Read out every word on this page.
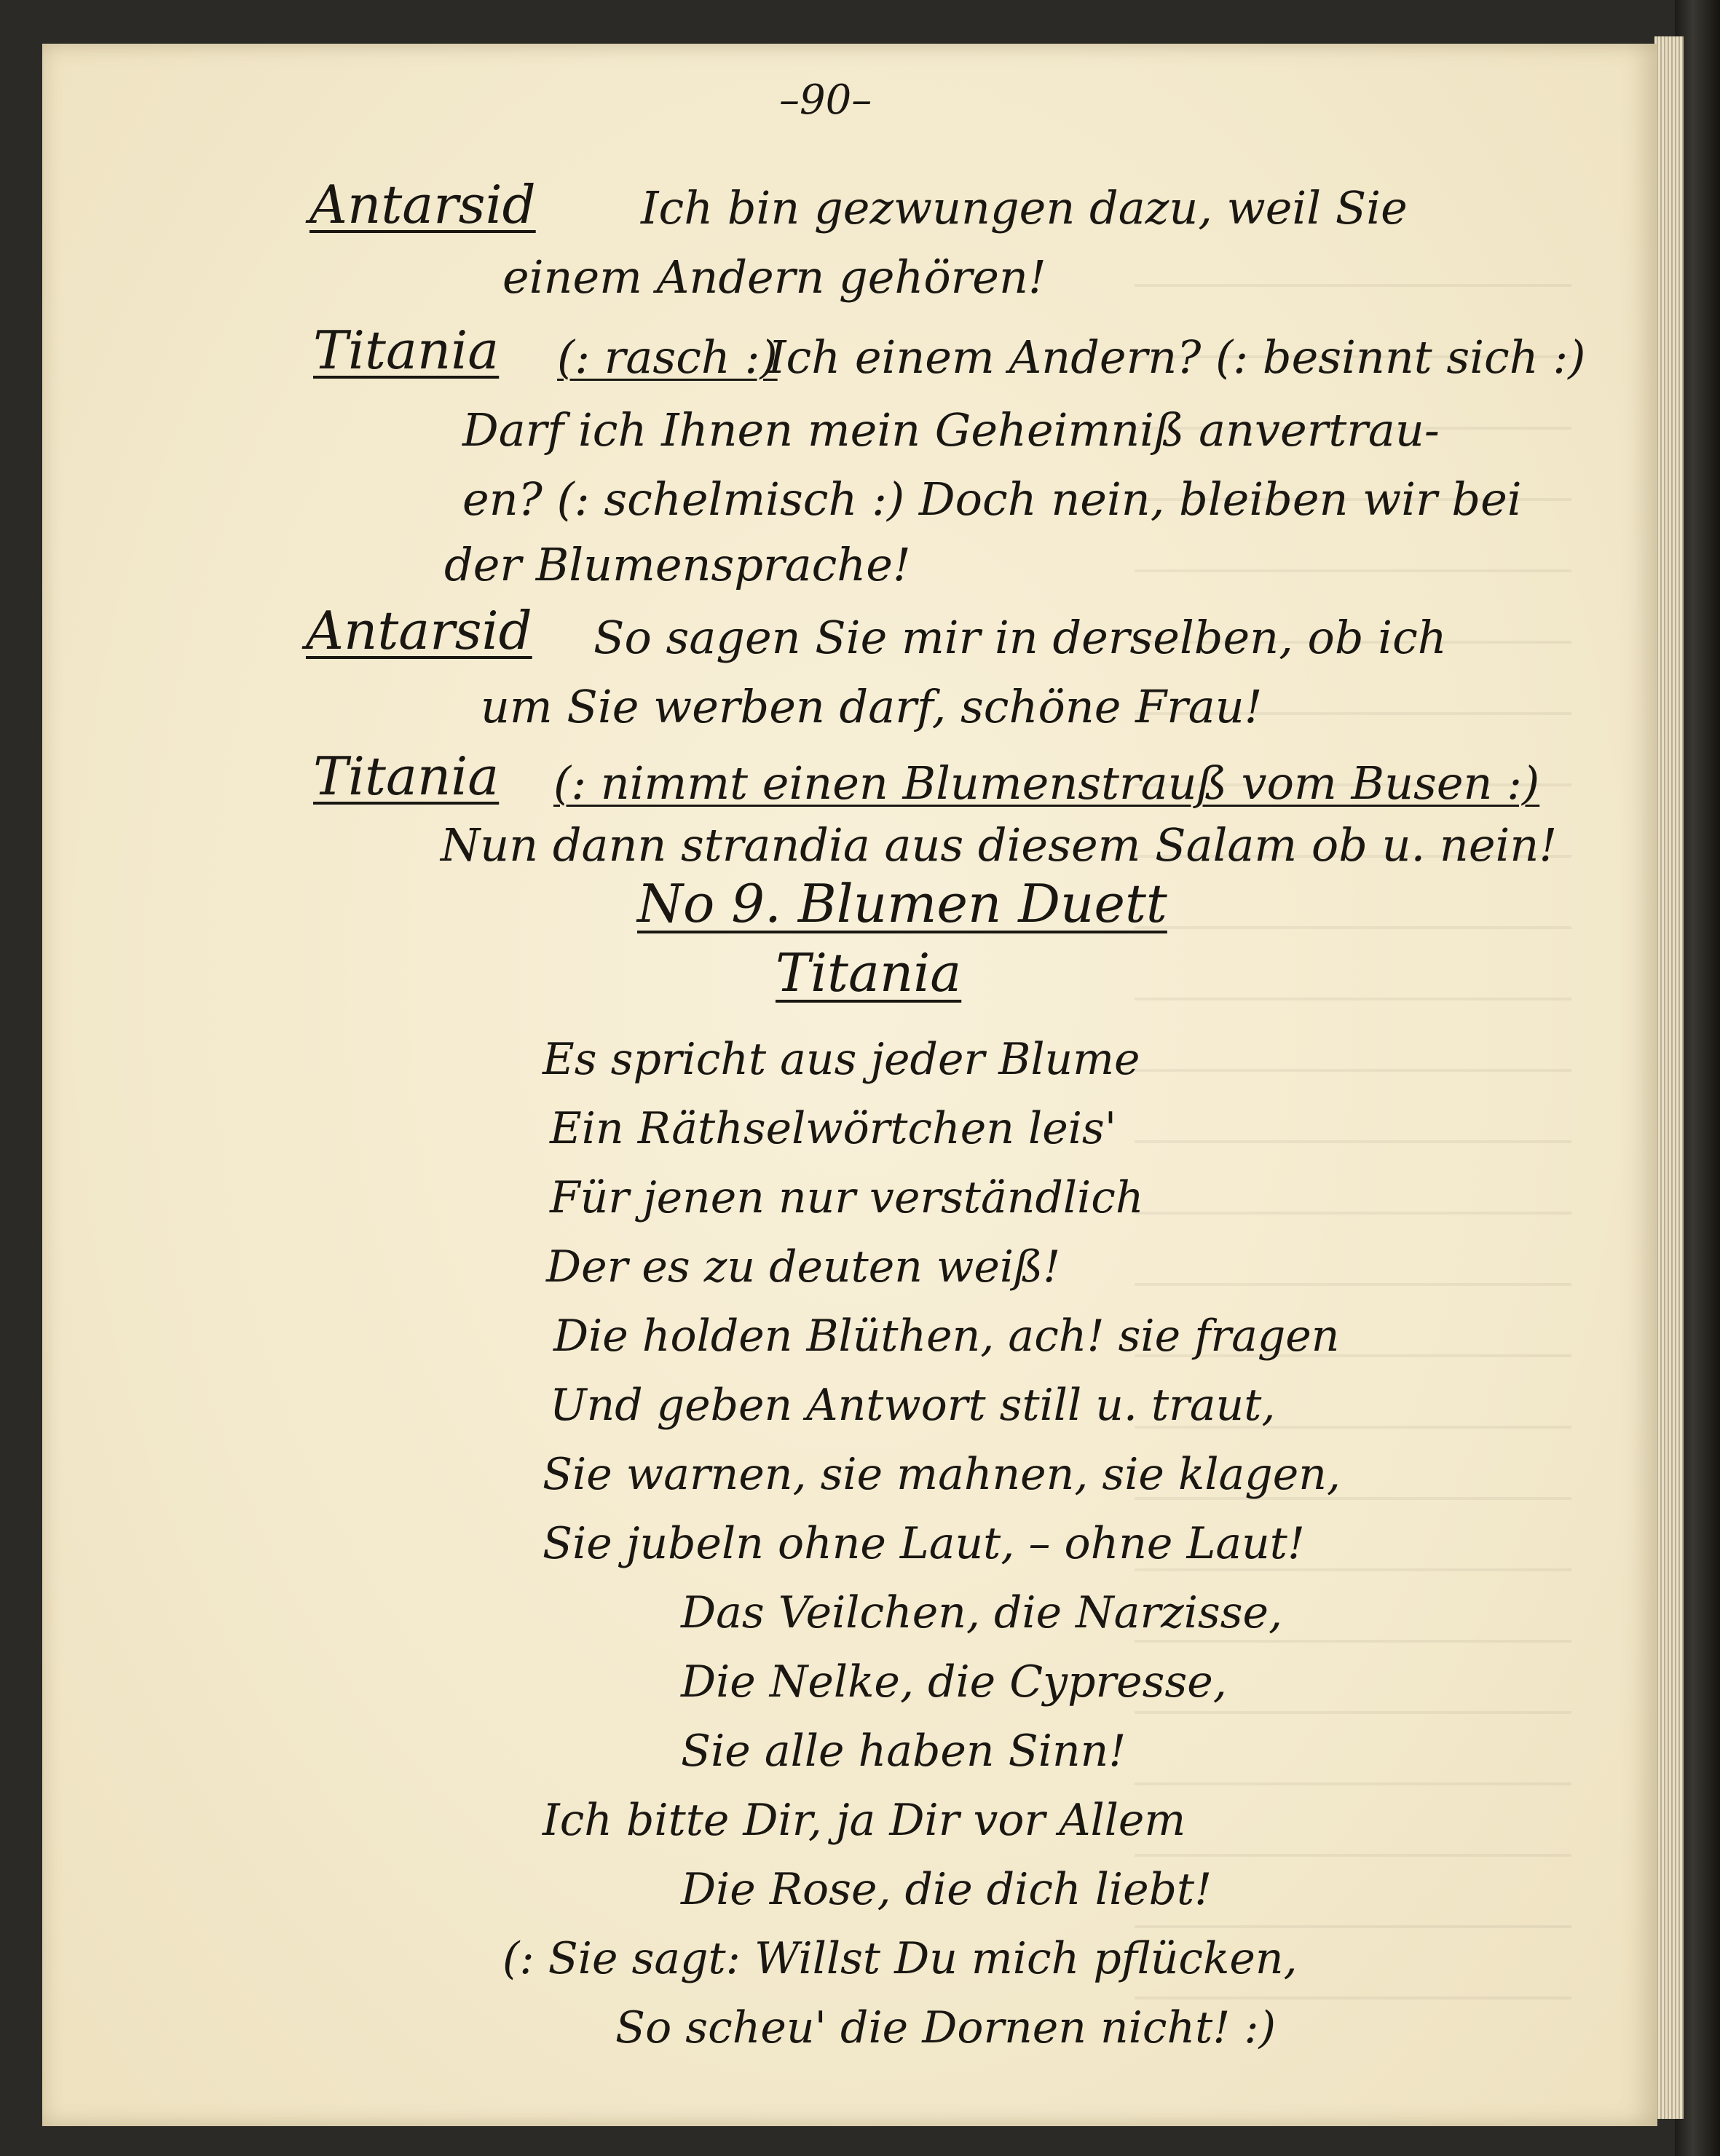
–90–
Antarsid Ich bin gezwungen dazu, weil Sie
einem Andern gehören!
Titania (: rasch :)
Ich einem Andern? (: besinnt sich :)
Darf ich Ihnen mein Geheimniß anvertrau-
en? (: schelmisch :) Doch nein, bleiben wir bei
der Blumensprache!
Antarsid So sagen Sie mir in derselben, ob ich
um Sie werben darf, schöne Frau!
Titania (: nimmt einen Blumenstrauß vom Busen :)
Nun dann strandia aus diesem Salam ob u. nein!
No 9. Blumen Duett
Titania
Es spricht aus jeder Blume
Ein Räthselwörtchen leis'
Für jenen nur verständlich
Der es zu deuten weiß!
Die holden Blüthen, ach! sie fragen
Und geben Antwort still u. traut,
Sie warnen, sie mahnen, sie klagen,
Sie jubeln ohne Laut, – ohne Laut!
Das Veilchen, die Narzisse,
Die Nelke, die Cypresse,
Sie alle haben Sinn!
Ich bitte Dir, ja Dir vor Allem
Die Rose, die dich liebt!
(: Sie sagt: Willst Du mich pflücken,
So scheu' die Dornen nicht! :)
